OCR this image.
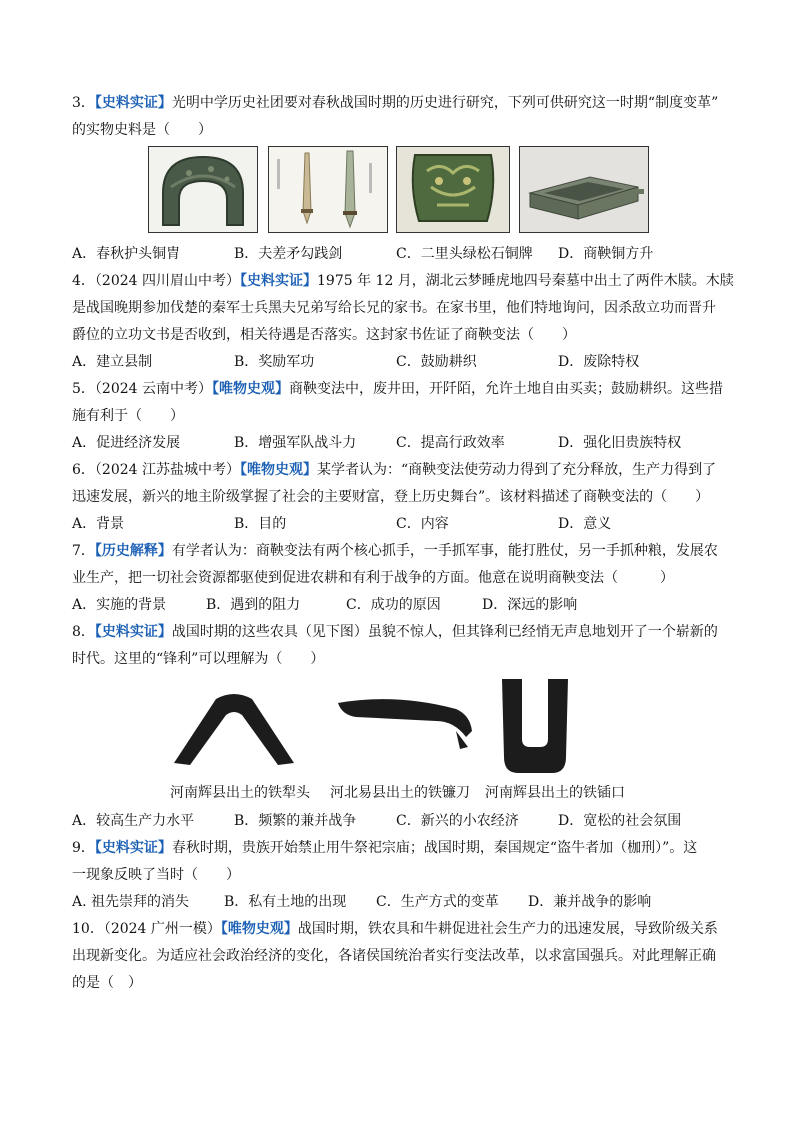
3．【史料实证】光明中学历史社团要对春秋战国时期的历史进行研究，下列可供研究这一时期“制度变革”
的实物史料是（　　）
A．春秋护头铜胄	B．夫差矛勾践剑	C．二里头绿松石铜牌	D．商鞅铜方升
4．（2024 四川眉山中考）【史料实证】1975 年 12 月，湖北云梦睡虎地四号秦墓中出土了两件木牍。木牍
是战国晚期参加伐楚的秦军士兵黑夫兄弟写给长兄的家书。在家书里，他们特地询问，因杀敌立功而晋升
爵位的立功文书是否收到，相关待遇是否落实。这封家书佐证了商鞅变法（　　）
A．建立县制	B．奖励军功	C．鼓励耕织	D．废除特权
5．（2024 云南中考）【唯物史观】商鞅变法中，废井田，开阡陌，允许土地自由买卖；鼓励耕织。这些措
施有利于（　　）
A．促进经济发展	B．增强军队战斗力	C．提高行政效率	D．强化旧贵族特权
6．（2024 江苏盐城中考）【唯物史观】某学者认为：“商鞅变法使劳动力得到了充分释放，生产力得到了
迅速发展，新兴的地主阶级掌握了社会的主要财富，登上历史舞台”。该材料描述了商鞅变法的（　　）
A．背景	B．目的	C．内容	D．意义
7．【历史解释】有学者认为：商鞅变法有两个核心抓手，一手抓军事，能打胜仗，另一手抓种粮，发展农
业生产，把一切社会资源都驱使到促进农耕和有利于战争的方面。他意在说明商鞅变法（　　　）
A．实施的背景	B．遇到的阻力	C．成功的原因	D．深远的影响
8．【史料实证】战国时期的这些农具（见下图）虽貌不惊人，但其锋利已经悄无声息地划开了一个崭新的
时代。这里的“锋利”可以理解为（　　）
河南辉县出土的铁犁头 河北易县出土的铁镰刀 河南辉县出土的铁锸口
A．较高生产力水平	B．频繁的兼并战争	C．新兴的小农经济	D．宽松的社会氛围
9．【史料实证】春秋时期，贵族开始禁止用牛祭祀宗庙；战国时期，秦国规定“盗牛者加（枷刑）”。这
一现象反映了当时（　　）
A. 祖先崇拜的消失	B．私有土地的出现	C．生产方式的变革	D．兼并战争的影响
10．（2024 广州一模）【唯物史观】战国时期，铁农具和牛耕促进社会生产力的迅速发展，导致阶级关系
出现新变化。为适应社会政治经济的变化，各诸侯国统治者实行变法改革，以求富国强兵。对此理解正确
的是（　）
